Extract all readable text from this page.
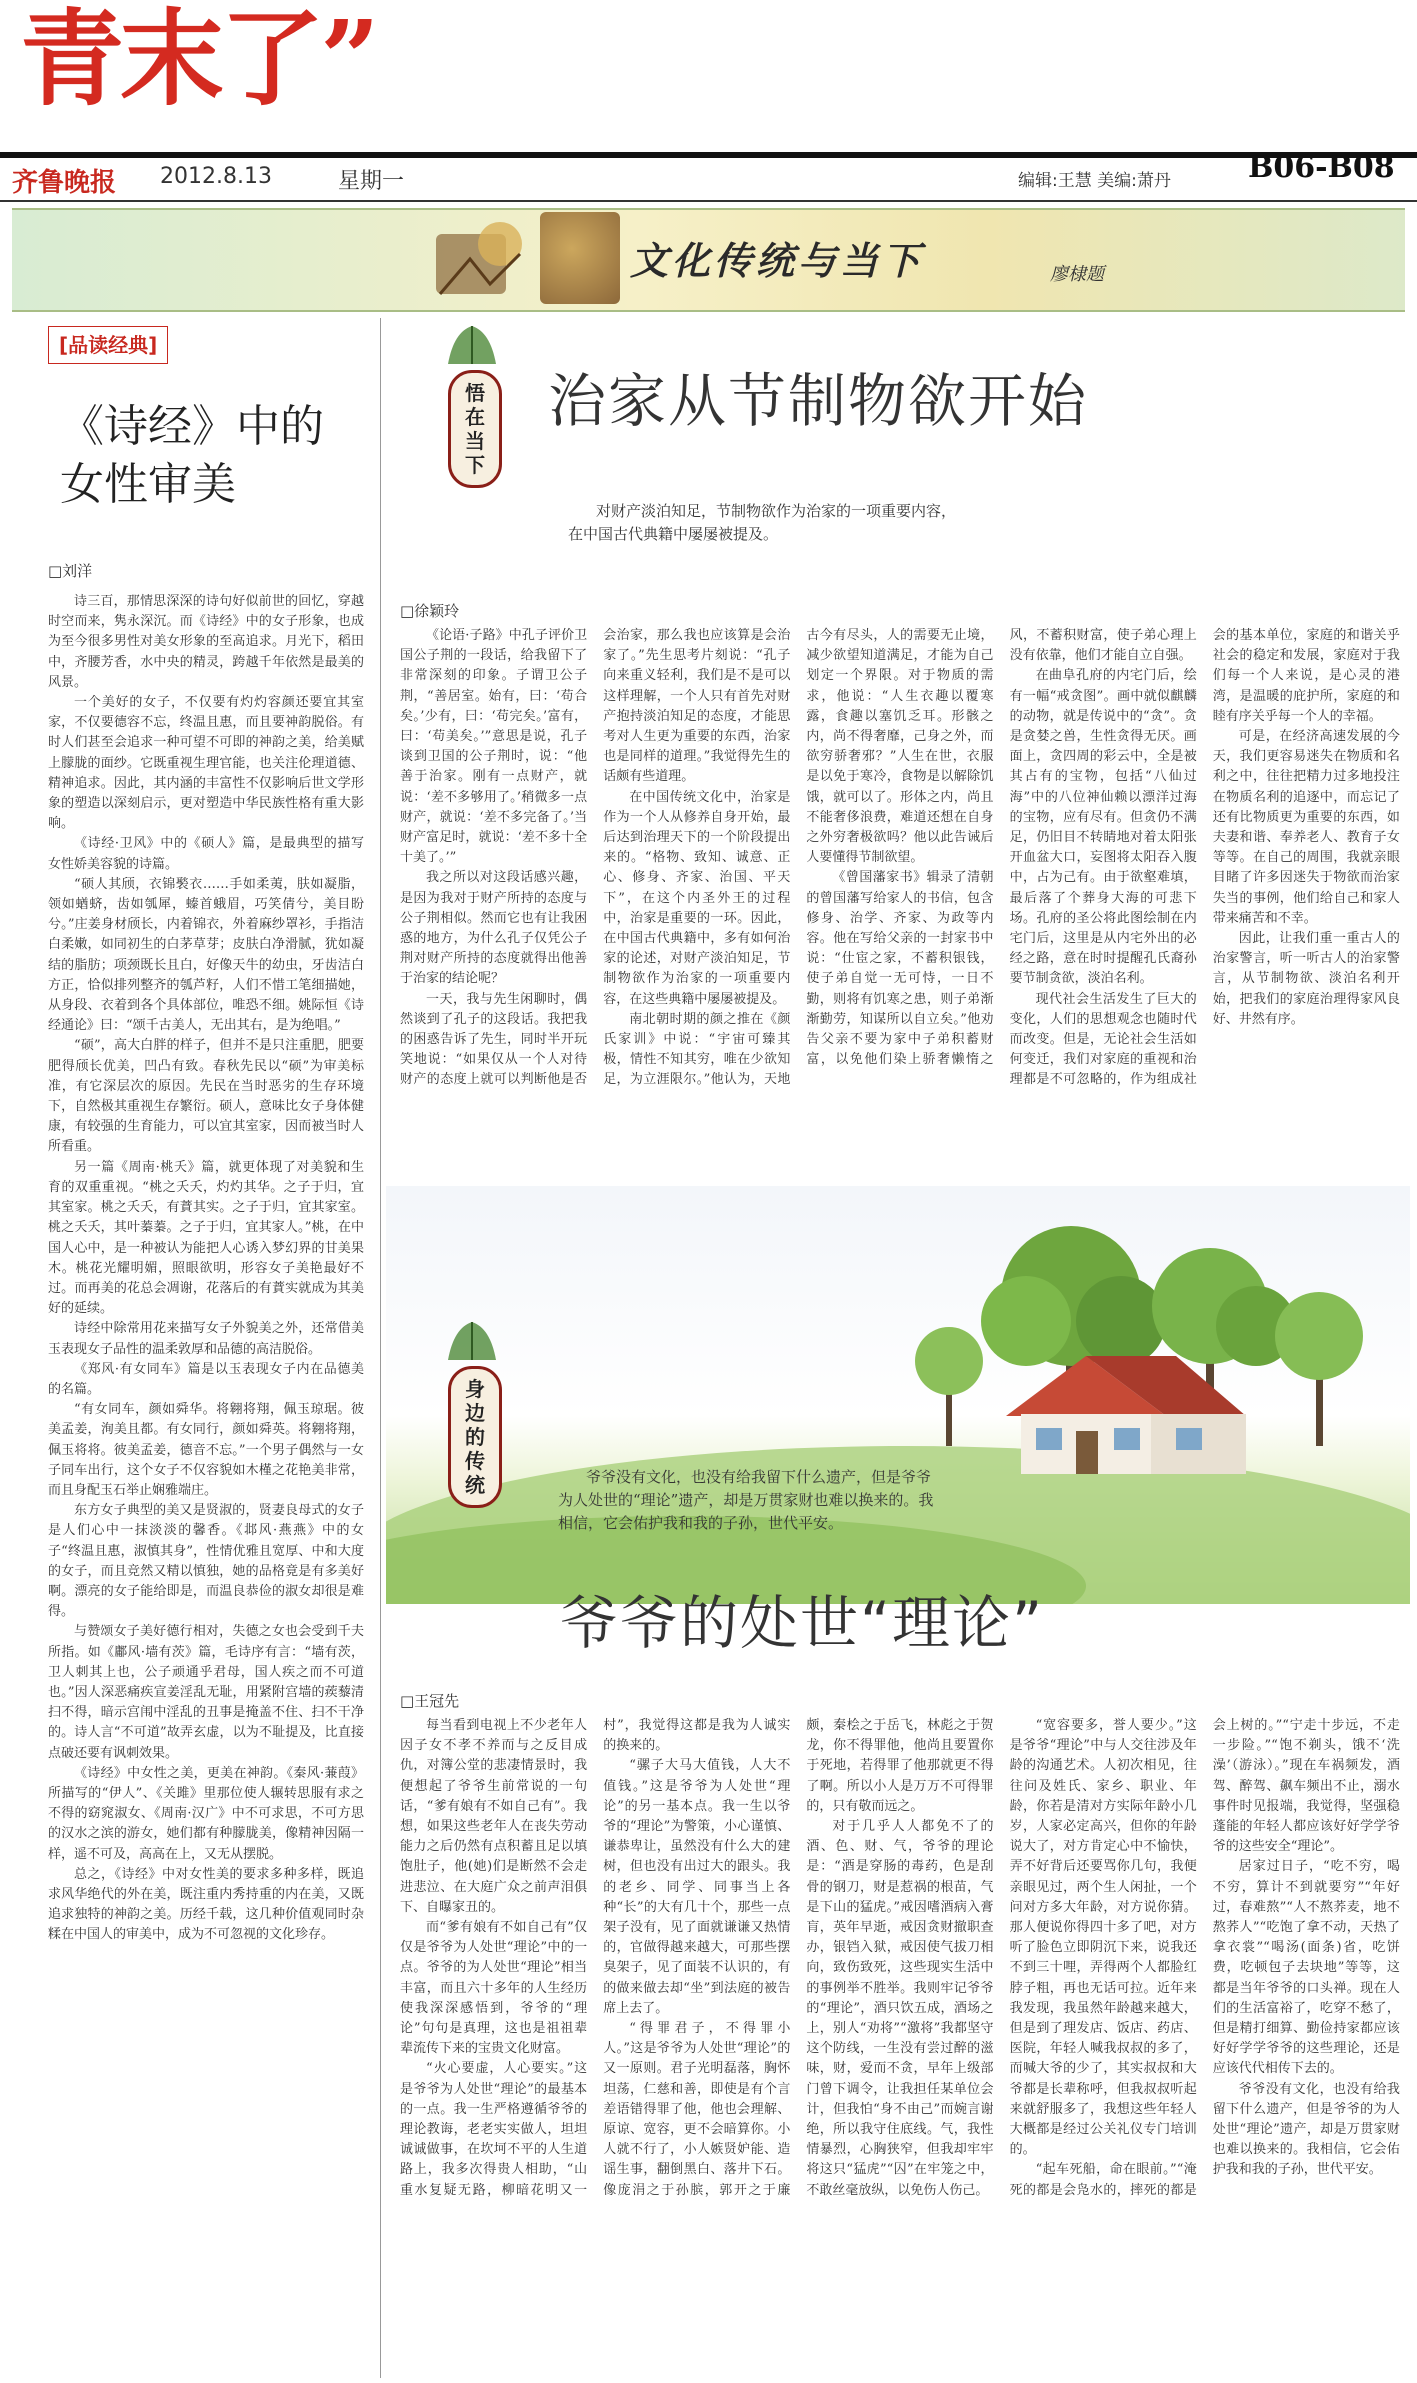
青末了”
齐鲁晚报 2012.8.13	星期一	编辑:王慧 美编:萧丹	B06-B08
文化传统与当下	廖棣题
[品读经典]
《诗经》中的
女性审美
□刘洋

诗三百，那情思深深的诗句好似前世的回忆，穿越时空而来，隽永深沉。而《诗经》中的女子形象，也成为至今很多男性对美女形象的至高追求。月光下，稻田中，齐腰芳香，水中央的精灵，跨越千年依然是最美的风景。

一个美好的女子，不仅要有灼灼容颜还要宜其室家，不仅要德容不忘，终温且惠，而且要神韵脱俗。有时人们甚至会追求一种可望不可即的神韵之美，给美赋上朦胧的面纱。它既重视生理官能，也关注伦理道德、精神追求。因此，其内涵的丰富性不仅影响后世文学形象的塑造以深刻启示，更对塑造中华民族性格有重大影响。

《诗经·卫风》中的《硕人》篇，是最典型的描写女性娇美容貌的诗篇。

“硕人其颀，衣锦褧衣……手如柔荑，肤如凝脂，领如蝤蛴，齿如瓠犀，螓首蛾眉，巧笑倩兮，美目盼兮。”庄姜身材颀长，内着锦衣，外着麻纱罩衫，手指洁白柔嫩，如同初生的白茅草芽；皮肤白净滑腻，犹如凝结的脂肪；项颈既长且白，好像天牛的幼虫，牙齿洁白方正，恰似排列整齐的瓠芦籽，人们不惜工笔细描她，从身段、衣着到各个具体部位，唯恐不细。姚际恒《诗经通论》曰：“颂千古美人，无出其右，是为绝唱。”

“硕”，高大白胖的样子，但并不是只注重肥，肥要肥得颀长优美，凹凸有致。春秋先民以“硕”为审美标准，有它深层次的原因。先民在当时恶劣的生存环境下，自然极其重视生存繁衍。硕人，意味比女子身体健康，有较强的生育能力，可以宜其室家，因而被当时人所看重。

另一篇《周南·桃夭》篇，就更体现了对美貌和生育的双重重视。“桃之夭夭，灼灼其华。之子于归，宜其室家。桃之夭夭，有蕡其实。之子于归，宜其家室。桃之夭夭，其叶蓁蓁。之子于归，宜其家人。”桃，在中国人心中，是一种被认为能把人心诱入梦幻界的甘美果木。桃花光耀明媚，照眼欲明，形容女子美艳最好不过。而再美的花总会凋谢，花落后的有蕡实就成为其美好的延续。

诗经中除常用花来描写女子外貌美之外，还常借美玉表现女子品性的温柔敦厚和品德的高洁脱俗。

《郑风·有女同车》篇是以玉表现女子内在品德美的名篇。

“有女同车，颜如舜华。将翱将翔，佩玉琼琚。彼美孟姜，洵美且都。有女同行，颜如舜英。将翱将翔，佩玉将将。彼美孟姜，德音不忘。”一个男子偶然与一女子同车出行，这个女子不仅容貌如木槿之花艳美非常，而且身配玉石举止娴雅端庄。

东方女子典型的美又是贤淑的，贤妻良母式的女子是人们心中一抹淡淡的馨香。《邶风·燕燕》中的女子“终温且惠，淑慎其身”，性情优雅且宽厚、中和大度的女子，而且竞然又精以慎独，她的品格竟是有多美好啊。漂亮的女子能给即是，而温良恭俭的淑女却很是难得。

与赞颂女子美好德行相对，失德之女也会受到千夫所指。如《鄘风·墙有茨》篇，毛诗序有言：“墙有茨，卫人刺其上也，公子顽通乎君母，国人疾之而不可道也。”因人深恶痛疾宣姜淫乱无耻，用紧附宫墙的蒺藜清扫不得，暗示宫闱中淫乱的丑事是掩盖不住、扫不干净的。诗人言“不可道”故弄玄虚，以为不耻提及，比直接点破还要有讽刺效果。

《诗经》中女性之美，更美在神韵。《秦风·蒹葭》所描写的“伊人”、《关雎》里那位使人辗转思服有求之不得的窈窕淑女、《周南·汉广》中不可求思，不可方思的汉水之滨的游女，她们都有种朦胧美，像精神因隔一样，遥不可及，高高在上，又无从摆脱。

总之，《诗经》中对女性美的要求多种多样，既追求风华绝代的外在美，既注重内秀持重的内在美，又既追求独特的神韵之美。历经千载，这几种价值观同时杂糅在中国人的审美中，成为不可忽视的文化珍存。

悟在当下
治家从节制物欲开始
对财产淡泊知足，节制物欲作为治家的一项重要内容，
在中国古代典籍中屡屡被提及。
□徐颖玲

《论语·子路》中孔子评价卫国公子荆的一段话，给我留下了非常深刻的印象。子谓卫公子荆，“善居室。始有，曰：‘苟合矣。’少有，曰：‘苟完矣。’富有，曰：‘苟美矣。’”意思是说，孔子谈到卫国的公子荆时，说：“他善于治家。刚有一点财产，就说：‘差不多够用了。’稍微多一点财产，就说：‘差不多完备了。’当财产富足时，就说：‘差不多十全十美了。’”

我之所以对这段话感兴趣，是因为我对于财产所持的态度与公子荆相似。然而它也有让我困惑的地方，为什么孔子仅凭公子荆对财产所持的态度就得出他善于治家的结论呢？

一天，我与先生闲聊时，偶然谈到了孔子的这段话。我把我的困惑告诉了先生，同时半开玩笑地说：“如果仅从一个人对待财产的态度上就可以判断他是否会治家，那么我也应该算是会治家了。”先生思考片刻说：“孔子向来重义轻利，我们是不是可以这样理解，一个人只有首先对财产抱持淡泊知足的态度，才能思考对人生更为重要的东西，治家也是同样的道理。”我觉得先生的话颇有些道理。

在中国传统文化中，治家是作为一个人从修养自身开始，最后达到治理天下的一个阶段提出来的。“格物、致知、诚意、正心、修身、齐家、治国、平天下”，在这个内圣外王的过程中，治家是重要的一环。因此，在中国古代典籍中，多有如何治家的论述，对财产淡泊知足，节制物欲作为治家的一项重要内容，在这些典籍中屡屡被提及。

南北朝时期的颜之推在《颜氏家训》中说：“宇宙可臻其极，情性不知其穷，唯在少欲知足，为立涯限尔。”他认为，天地古今有尽头，人的需要无止境，减少欲望知道满足，才能为自己划定一个界限。对于物质的需求，他说：“人生衣趣以覆寒露，食趣以塞饥乏耳。形骸之内，尚不得奢靡，己身之外，而欲穷骄奢邪？”人生在世，衣服是以免于寒冷，食物是以解除饥饿，就可以了。形体之内，尚且不能奢侈浪费，难道还想在自身之外穷奢极欲吗？他以此告诫后人要懂得节制欲望。

《曾国藩家书》辑录了清朝的曾国藩写给家人的书信，包含修身、治学、齐家、为政等内容。他在写给父亲的一封家书中说：“仕宦之家，不蓄积银钱，使子弟自觉一无可恃，一日不勤，则将有饥寒之患，则子弟渐渐勤劳，知谋所以自立矣。”他劝告父亲不要为家中子弟积蓄财富，以免他们染上骄奢懒惰之风，不蓄积财富，使子弟心理上没有依靠，他们才能自立自强。

在曲阜孔府的内宅门后，绘有一幅“戒贪图”。画中就似麒麟的动物，就是传说中的“贪”。贪是贪婪之兽，生性贪得无厌。画面上，贪四周的彩云中，全是被其占有的宝物，包括“八仙过海”中的八位神仙赖以漂洋过海的宝物，应有尽有。但贪仍不满足，仍旧目不转睛地对着太阳张开血盆大口，妄图将太阳吞入腹中，占为己有。由于欲壑难填，最后落了个葬身大海的可悲下场。孔府的圣公将此图绘制在内宅门后，这里是从内宅外出的必经之路，意在时时提醒孔氏裔孙要节制贪欲，淡泊名利。

现代社会生活发生了巨大的变化，人们的思想观念也随时代而改变。但是，无论社会生活如何变迁，我们对家庭的重视和治理都是不可忽略的，作为组成社会的基本单位，家庭的和谐关乎社会的稳定和发展，家庭对于我们每一个人来说，是心灵的港湾，是温暖的庇护所，家庭的和睦有序关乎每一个人的幸福。

可是，在经济高速发展的今天，我们更容易迷失在物质和名利之中，往往把精力过多地投注在物质名利的追逐中，而忘记了还有比物质更为重要的东西，如夫妻和谐、奉养老人、教育子女等等。在自己的周围，我就亲眼目睹了许多因迷失于物欲而治家失当的事例，他们给自己和家人带来痛苦和不幸。

因此，让我们重一重古人的治家警言，听一听古人的治家警言，从节制物欲、淡泊名利开始，把我们的家庭治理得家风良好、井然有序。

身边的传统	爷爷没有文化，也没有给我留下什么遗产，但是爷爷
为人处世的“理论”遗产，却是万贯家财也难以换来的。我
相信，它会佑护我和我的子孙，世代平安。
爷爷的处世“理论”
□王冠先

每当看到电视上不少老年人因子女不孝不养而与之反目成仇，对簿公堂的悲凄情景时，我便想起了爷爷生前常说的一句话，“爹有娘有不如自己有”。我想，如果这些老年人在丧失劳动能力之后仍然有点积蓄且足以填饱肚子，他(她)们是断然不会走进悲泣、在大庭广众之前声泪俱下、自曝家丑的。

而“爹有娘有不如自己有”仅仅是爷爷为人处世“理论”中的一点。爷爷的为人处世“理论”相当丰富，而且六十多年的人生经历使我深深感悟到，爷爷的“理论”句句是真理，这也是祖祖辈辈流传下来的宝贵文化财富。

“火心要虚，人心要实。”这是爷爷为人处世“理论”的最基本的一点。我一生严格遵循爷爷的理论教诲，老老实实做人，坦坦诚诚做事，在坎坷不平的人生道路上，我多次得贵人相助，“山重水复疑无路，柳暗花明又一村”，我觉得这都是我为人诚实的换来的。

“骡子大马大值钱，人大不值钱。”这是爷爷为人处世“理论”的另一基本点。我一生以爷爷的“理论”为警策，小心谨慎、谦恭卑让，虽然没有什么大的建树，但也没有出过大的跟头。我的老乡、同学、同事当上各种“长”的大有几十个，那些一点架子没有，见了面就谦谦又热情的，官做得越来越大，可那些摆臭架子，见了面装不认识的，有的做来做去却“坐”到法庭的被告席上去了。

“得罪君子，不得罪小人。”这是爷爷为人处世“理论”的又一原则。君子光明磊落，胸怀坦荡，仁慈和善，即使是有个言差语错得罪了他，他也会理解、原谅、宽容，更不会暗算你。小人就不行了，小人嫉贤妒能、造谣生事，翻倒黑白、落井下石。像庞涓之于孙膑，郭开之于廉颇，秦桧之于岳飞，林彪之于贺龙，你不得罪他，他尚且要置你于死地，若得罪了他那就更不得了啊。所以小人是万万不可得罪的，只有敬而远之。

对于几乎人人都免不了的酒、色、财、气，爷爷的理论是：“酒是穿肠的毒药，色是刮骨的钢刀，财是惹祸的根苗，气是下山的猛虎。”戒因嗜酒病入膏肓，英年早逝，戒因贪财撤职查办，银铛入狱，戒因使气拔刀相向，致伤致死，这些现实生活中的事例举不胜举。我则牢记爷爷的“理论”，酒只饮五成，酒场之上，别人“劝将”“激将”我都坚守这个防线，一生没有尝过醉的滋味，财，爱而不贪，早年上级部门曾下调令，让我担任某单位会计，但我怕“身不由己”而婉言谢绝，所以我守住底线。气，我性情暴烈，心胸狭窄，但我却牢牢将这只“猛虎”“囚”在牢笼之中，不敢丝毫放纵，以免伤人伤己。

“宽容要多，誉人要少。”这是爷爷“理论”中与人交往涉及年龄的沟通艺术。人初次相见，往往问及姓氏、家乡、职业、年龄，你若是清对方实际年龄小几岁，人家必定高兴，但你的年龄说大了，对方肯定心中不愉快，弄不好背后还要骂你几句，我便亲眼见过，两个生人闲扯，一个问对方多大年龄，对方说你猜。那人便说你得四十多了吧，对方听了脸色立即阴沉下来，说我还不到三十哩，弄得两个人都脸红脖子粗，再也无话可拉。近年来我发现，我虽然年龄越来越大，但是到了理发店、饭店、药店、医院，年轻人喊我叔叔的多了，而喊大爷的少了，其实叔叔和大爷都是长辈称呼，但我叔叔听起来就舒服多了，我想这些年轻人大概都是经过公关礼仪专门培训的。

“起车死船，命在眼前。”“淹死的都是会凫水的，摔死的都是会上树的。”“宁走十步远，不走一步险。”“饱不剃头，饿不‘洗澡’（游泳）。”现在车祸频发，酒驾、醉驾、飙车频出不止，溺水事件时见报端，我觉得，坚强稳蓬能的年轻人都应该好好学学爷爷的这些安全“理论”。

居家过日子，“吃不穷，喝不穷，算计不到就要穷”“年好过，春难熬”“人不熬荞麦，地不熬荞人”“吃饱了拿不动，天热了拿衣裳”“喝汤(面条)省，吃饼费，吃顿包子去块地”等等，这都是当年爷爷的口头禅。现在人们的生活富裕了，吃穿不愁了，但是精打细算、勤俭持家都应该好好学学爷爷的这些理论，还是应该代代相传下去的。

爷爷没有文化，也没有给我留下什么遗产，但是爷爷的为人处世“理论”遗产，却是万贯家财也难以换来的。我相信，它会佑护我和我的子孙，世代平安。
